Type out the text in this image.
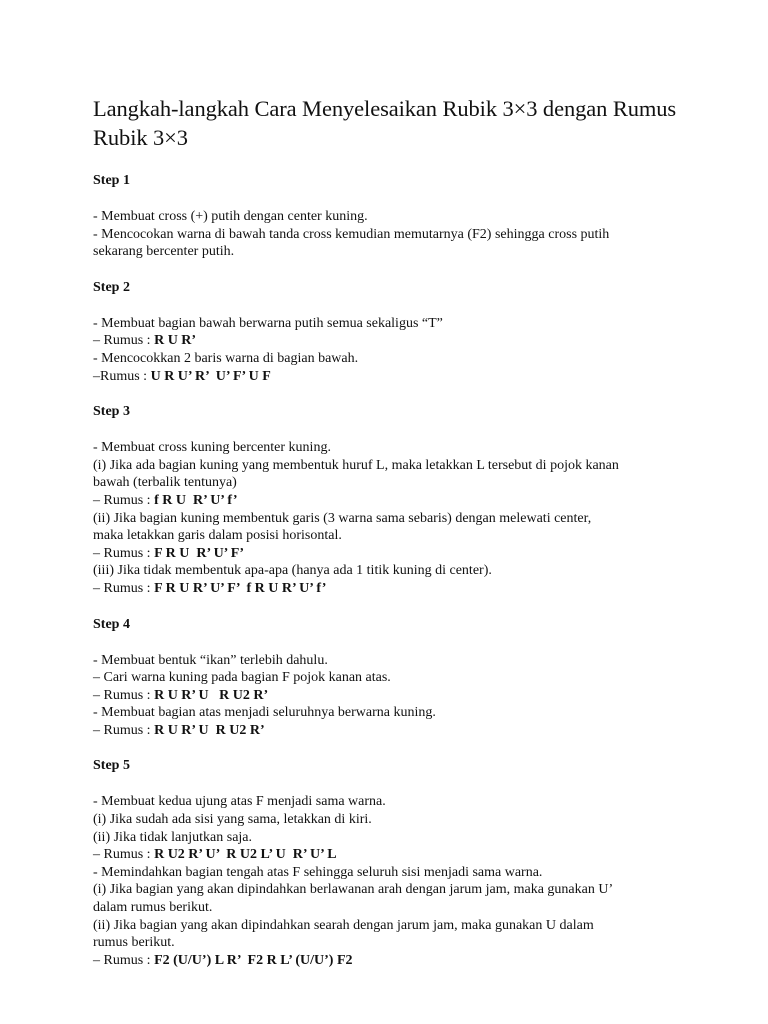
Langkah-langkah Cara Menyelesaikan Rubik 3×3 dengan Rumus Rubik 3×3
Step 1
- Membuat cross (+) putih dengan center kuning.
- Mencocokan warna di bawah tanda cross kemudian memutarnya (F2) sehingga cross putih
sekarang bercenter putih.
Step 2
- Membuat bagian bawah berwarna putih semua sekaligus “T”
– Rumus : R U R’
- Mencocokkan 2 baris warna di bagian bawah.
–Rumus : U R U’ R’  U’ F’ U F
Step 3
- Membuat cross kuning bercenter kuning.
(i) Jika ada bagian kuning yang membentuk huruf L, maka letakkan L tersebut di pojok kanan
bawah (terbalik tentunya)
– Rumus : f R U  R’ U’ f’
(ii) Jika bagian kuning membentuk garis (3 warna sama sebaris) dengan melewati center,
maka letakkan garis dalam posisi horisontal.
– Rumus : F R U  R’ U’ F’
(iii) Jika tidak membentuk apa-apa (hanya ada 1 titik kuning di center).
– Rumus : F R U R’ U’ F’  f R U R’ U’ f’
Step 4
- Membuat bentuk “ikan” terlebih dahulu.
– Cari warna kuning pada bagian F pojok kanan atas.
– Rumus : R U R’ U   R U2 R’
- Membuat bagian atas menjadi seluruhnya berwarna kuning.
– Rumus : R U R’ U  R U2 R’
Step 5
- Membuat kedua ujung atas F menjadi sama warna.
(i) Jika sudah ada sisi yang sama, letakkan di kiri.
(ii) Jika tidak lanjutkan saja.
– Rumus : R U2 R’ U’  R U2 L’ U  R’ U’ L
- Memindahkan bagian tengah atas F sehingga seluruh sisi menjadi sama warna.
(i) Jika bagian yang akan dipindahkan berlawanan arah dengan jarum jam, maka gunakan U’
dalam rumus berikut.
(ii) Jika bagian yang akan dipindahkan searah dengan jarum jam, maka gunakan U dalam
rumus berikut.
– Rumus : F2 (U/U’) L R’  F2 R L’ (U/U’) F2
